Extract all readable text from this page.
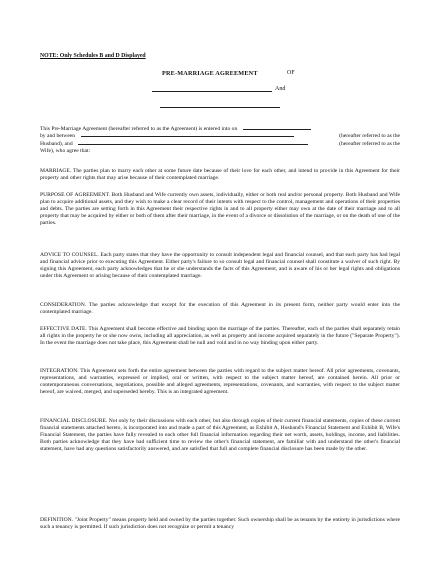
NOTE: Only Schedules B and D Displayed
PRE-MARRIAGE AGREEMENT	OF
And
This Pre-Marriage Agreement (hereafter referred to as the Agreement) is entered into on
by and between	(hereafter referred to as the
Husband), and	(hereafter referred to as the
Wife), who agree that:
MARRIAGE. The parties plan to marry each other at some future date because of their love for each other, and intend to provide in this Agreement for their property and other rights that may arise because of their contemplated marriage.
PURPOSE OF AGREEMENT. Both Husband and Wife currently own assets, individually, either or both real and/or personal property. Both Husband and Wife plan to acquire additional assets, and they wish to make a clear record of their intents with respect to the control, management and operations of their properties and debts. The parties are setting forth in this Agreement their respective rights in and to all property either may own at the date of their marriage and to all property that may be acquired by either or both of them after their marriage, in the event of a divorce or dissolution of the marriage, or on the death of one of the parties.
ADVICE TO COUNSEL. Each party states that they have the opportunity to consult independent legal and financial counsel, and that each party has had legal and financial advice prior to executing this Agreement. Either party's failure to so consult legal and financial counsel shall constitute a waiver of such right. By signing this Agreement, each party acknowledges that he or she understands the facts of this Agreement, and is aware of his or her legal rights and obligations under this Agreement or arising because of their contemplated marriage.
CONSIDERATION. The parties acknowledge that except for the execution of this Agreement in its present form, neither party would enter into the contemplated marriage.
EFFECTIVE DATE. This Agreement shall become effective and binding upon the marriage of the parties. Thereafter, each of the parties shall separately retain all rights in the property he or she now owns, including all appreciation, as well as property and income acquired separately in the future ("Separate Property"). In the event the marriage does not take place, this Agreement shall be null and void and in no way binding upon either party.
INTEGRATION. This Agreement sets forth the entire agreement between the parties with regard to the subject matter hereof. All prior agreements, covenants, representations, and warranties, expressed or implied, oral or written, with respect to the subject matter hereof, are contained herein. All prior or contemporaneous conversations, negotiations, possible and alleged agreements, representations, covenants, and warranties, with respect to the subject matter hereof, are waived, merged, and superseded hereby. This is an integrated agreement.
FINANCIAL DISCLOSURE. Not only by their discussions with each other, but also through copies of their current financial statements, copies of these current financial statements attached hereto, is incorporated into and made a part of this Agreement, as Exhibit A, Husband's Financial Statement and Exhibit B, Wife's Financial Statement, the parties have fully revealed to each other full financial information regarding their net worth, assets, holdings, income, and liabilities. Both parties acknowledge that they have had sufficient time to review the other's financial statement, are familiar with and understand the other's financial statement, have had any questions satisfactorily answered, and are satisfied that full and complete financial disclosure has been made by the other.
DEFINITION. "Joint Property" means property held and owned by the parties together. Such ownership shall be as tenants by the entirety in jurisdictions where such a tenancy is permitted. If such jurisdiction does not recognize or permit a tenancy
